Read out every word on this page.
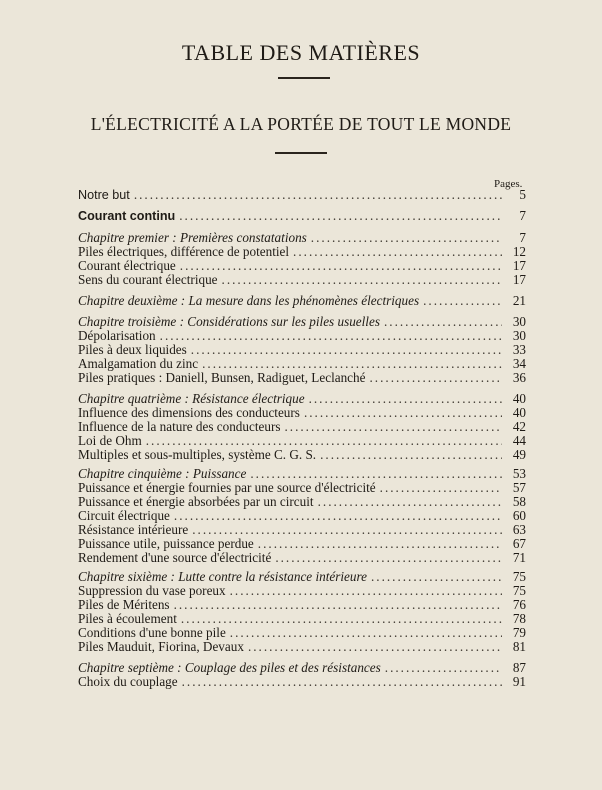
TABLE DES MATIÈRES
L'ÉLECTRICITÉ A LA PORTÉE DE TOUT LE MONDE
Pages.
Notre but .....	5
Courant continu .....	7
Chapitre premier : Premières constatations .....	7
Piles électriques, différence de potentiel .....	12
Courant électrique .....	17
Sens du courant électrique .....	17
Chapitre deuxième : La mesure dans les phénomènes électriques .....	21
Chapitre troisième : Considérations sur les piles usuelles .....	30
Dépolarisation .....	30
Piles à deux liquides .....	33
Amalgamation du zinc .....	34
Piles pratiques : Daniell, Bunsen, Radiguet, Leclanché .....	36
Chapitre quatrième : Résistance électrique .....	40
Influence des dimensions des conducteurs .....	40
Influence de la nature des conducteurs .....	42
Loi de Ohm .....	44
Multiples et sous-multiples, système C. G. S. .....	49
Chapitre cinquième : Puissance .....	53
Puissance et énergie fournies par une source d'électricité .....	57
Puissance et énergie absorbées par un circuit .....	58
Circuit électrique .....	60
Résistance intérieure .....	63
Puissance utile, puissance perdue .....	67
Rendement d'une source d'électricité .....	71
Chapitre sixième : Lutte contre la résistance intérieure .....	75
Suppression du vase poreux .....	75
Piles de Méritens .....	76
Piles à écoulement .....	78
Conditions d'une bonne pile .....	79
Piles Mauduit, Fiorina, Devaux .....	81
Chapitre septième : Couplage des piles et des résistances .....	87
Choix du couplage .....	91
